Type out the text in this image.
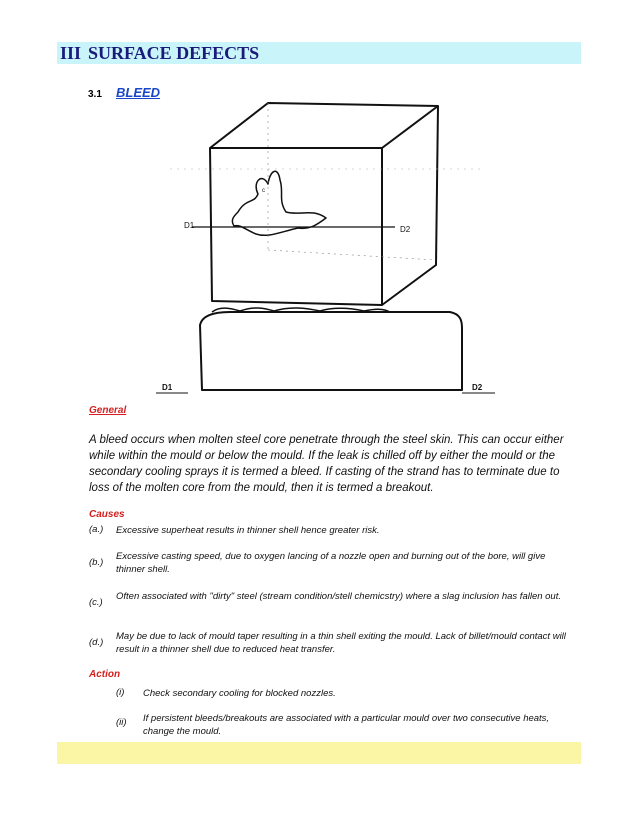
III SURFACE DEFECTS
3.1 BLEED
D1	D2
c
D1	D2
General
A bleed occurs when molten steel core penetrate through the steel skin. This can occur either while within the mould or below the mould. If the leak is chilled off by either the mould or the secondary cooling sprays it is termed a bleed. If casting of the strand has to terminate due to loss of the molten core from the mould, then it is termed a breakout.
Causes
(a.) Excessive superheat results in thinner shell hence greater risk.
(b.)
Excessive casting speed, due to oxygen lancing of a nozzle open and burning out of the bore, will give thinner shell.
(c.)
Often associated with "dirty" steel (stream condition/stell chemicstry) where a slag inclusion has fallen out.
(d.)
May be due to lack of mould taper resulting in a thin shell exiting the mould. Lack of billet/mould contact will result in a thinner shell due to reduced heat transfer.
Action
(i) Check secondary cooling for blocked nozzles.
(ii) If persistent bleeds/breakouts are associated with a particular mould over two consecutive heats, change the mould.
